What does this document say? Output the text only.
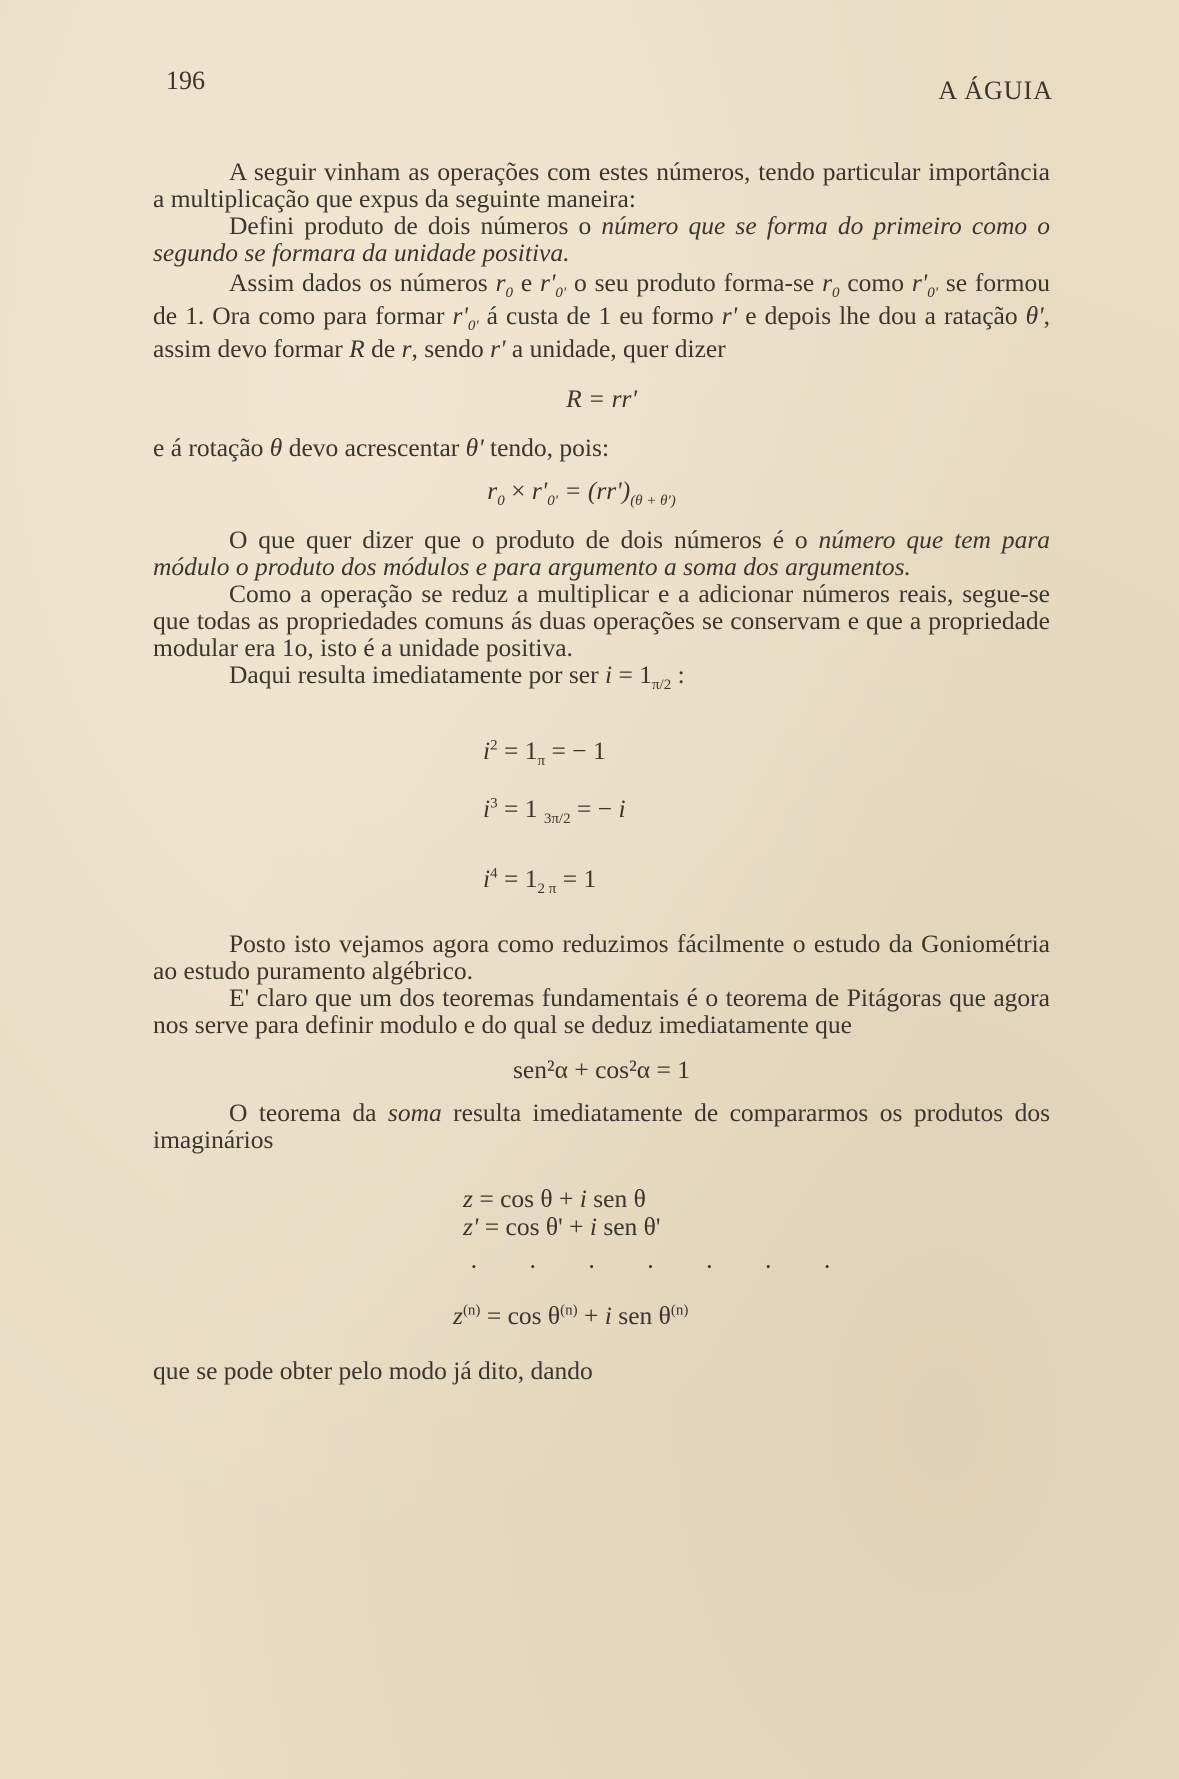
196	A ÁGUIA

A seguir vinham as operações com estes números, tendo particular importância a multiplicação que expus da seguinte maneira:

Defini produto de dois números o número que se forma do primeiro como o segundo se formara da unidade positiva.

Assim dados os números $r_0$ e $r'_{0'}$ o seu produto forma-se $r_0$ como $r'_{0'}$ se formou de 1. Ora como para formar $r'_{0'}$ á custa de 1 eu formo r' e depois lhe dou a ratação θ', assim devo formar R de r, sendo r' a unidade, quer dizer

R = rr'

e á rotação θ devo acrescentar θ' tendo, pois:

$r_0 \times r'_{0'} = (rr')_{(\theta + \theta')}$

O que quer dizer que o produto de dois números é o número que tem para módulo o produto dos módulos e para argumento a soma dos argumentos.

Como a operação se reduz a multiplicar e a adicionar números reais, segue-se que todas as propriedades comuns ás duas operações se conservam e que a propriedade modular era 1o, isto é a unidade positiva.

Daqui resulta imediatamente por ser $i = 1_{\pi/2}$ :

$i^2 = 1_\pi$ = − 1
$i^3 = 1$ $_{3\pi/2}$ = − i
$i^4 = 1_{2 \pi} = 1$

Posto isto vejamos agora como reduzimos fácilmente o estudo da Goniométria ao estudo puramento algébrico.

E' claro que um dos teoremas fundamentais é o teorema de Pitágoras que agora nos serve para definir modulo e do qual se deduz imediatamente que

sen²α + cos²α = 1

O teorema da soma resulta imediatamente de compararmos os produtos dos imaginários

z = cos θ + i sen θ
z' = cos θ' + i sen θ'
· · · · · · ·
$z^{(n)} = \cos \theta^{(n)} + i$ sen $\theta^{(n)}$

que se pode obter pelo modo já dito, dando
